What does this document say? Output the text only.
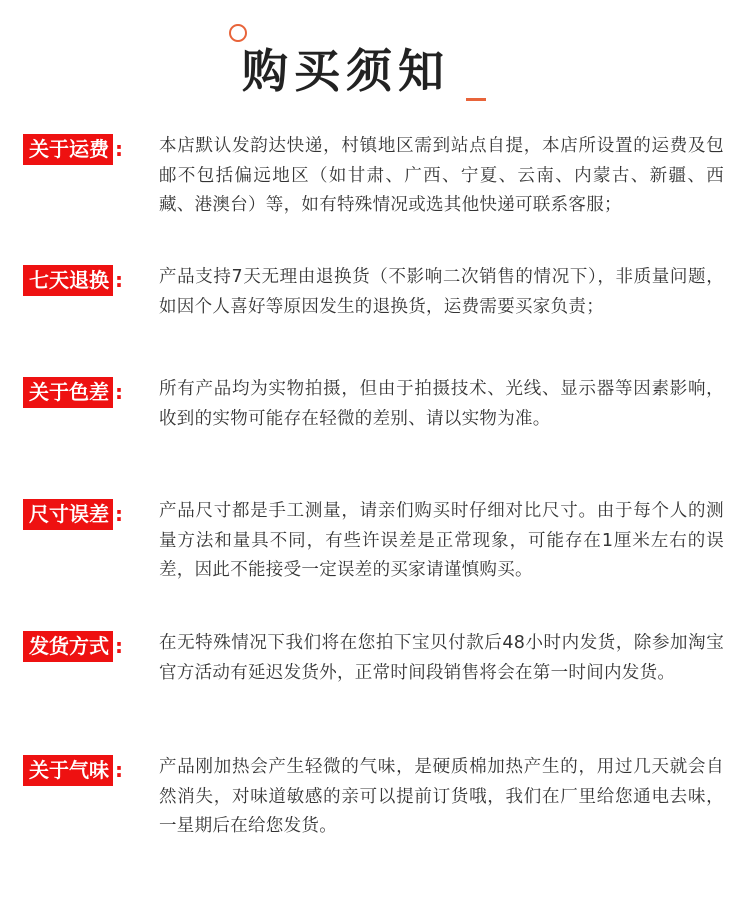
购买须知
关于运费 : 本店默认发韵达快递，村镇地区需到站点自提，本店所设置的运费及包邮不包括偏远地区（如甘肃、广西、宁夏、云南、内蒙古、新疆、西藏、港澳台）等，如有特殊情况或选其他快递可联系客服；
七天退换 : 产品支持7天无理由退换货（不影响二次销售的情况下），非质量问题，如因个人喜好等原因发生的退换货，运费需要买家负责；
关于色差 : 所有产品均为实物拍摄，但由于拍摄技术、光线、显示器等因素影响，收到的实物可能存在轻微的差别、请以实物为准。
尺寸误差 : 产品尺寸都是手工测量，请亲们购买时仔细对比尺寸。由于每个人的测量方法和量具不同，有些许误差是正常现象，可能存在1厘米左右的误差，因此不能接受一定误差的买家请谨慎购买。
发货方式 : 在无特殊情况下我们将在您拍下宝贝付款后48小时内发货，除参加淘宝官方活动有延迟发货外，正常时间段销售将会在第一时间内发货。
关于气味 : 产品刚加热会产生轻微的气味，是硬质棉加热产生的，用过几天就会自然消失，对味道敏感的亲可以提前订货哦，我们在厂里给您通电去味，一星期后在给您发货。
